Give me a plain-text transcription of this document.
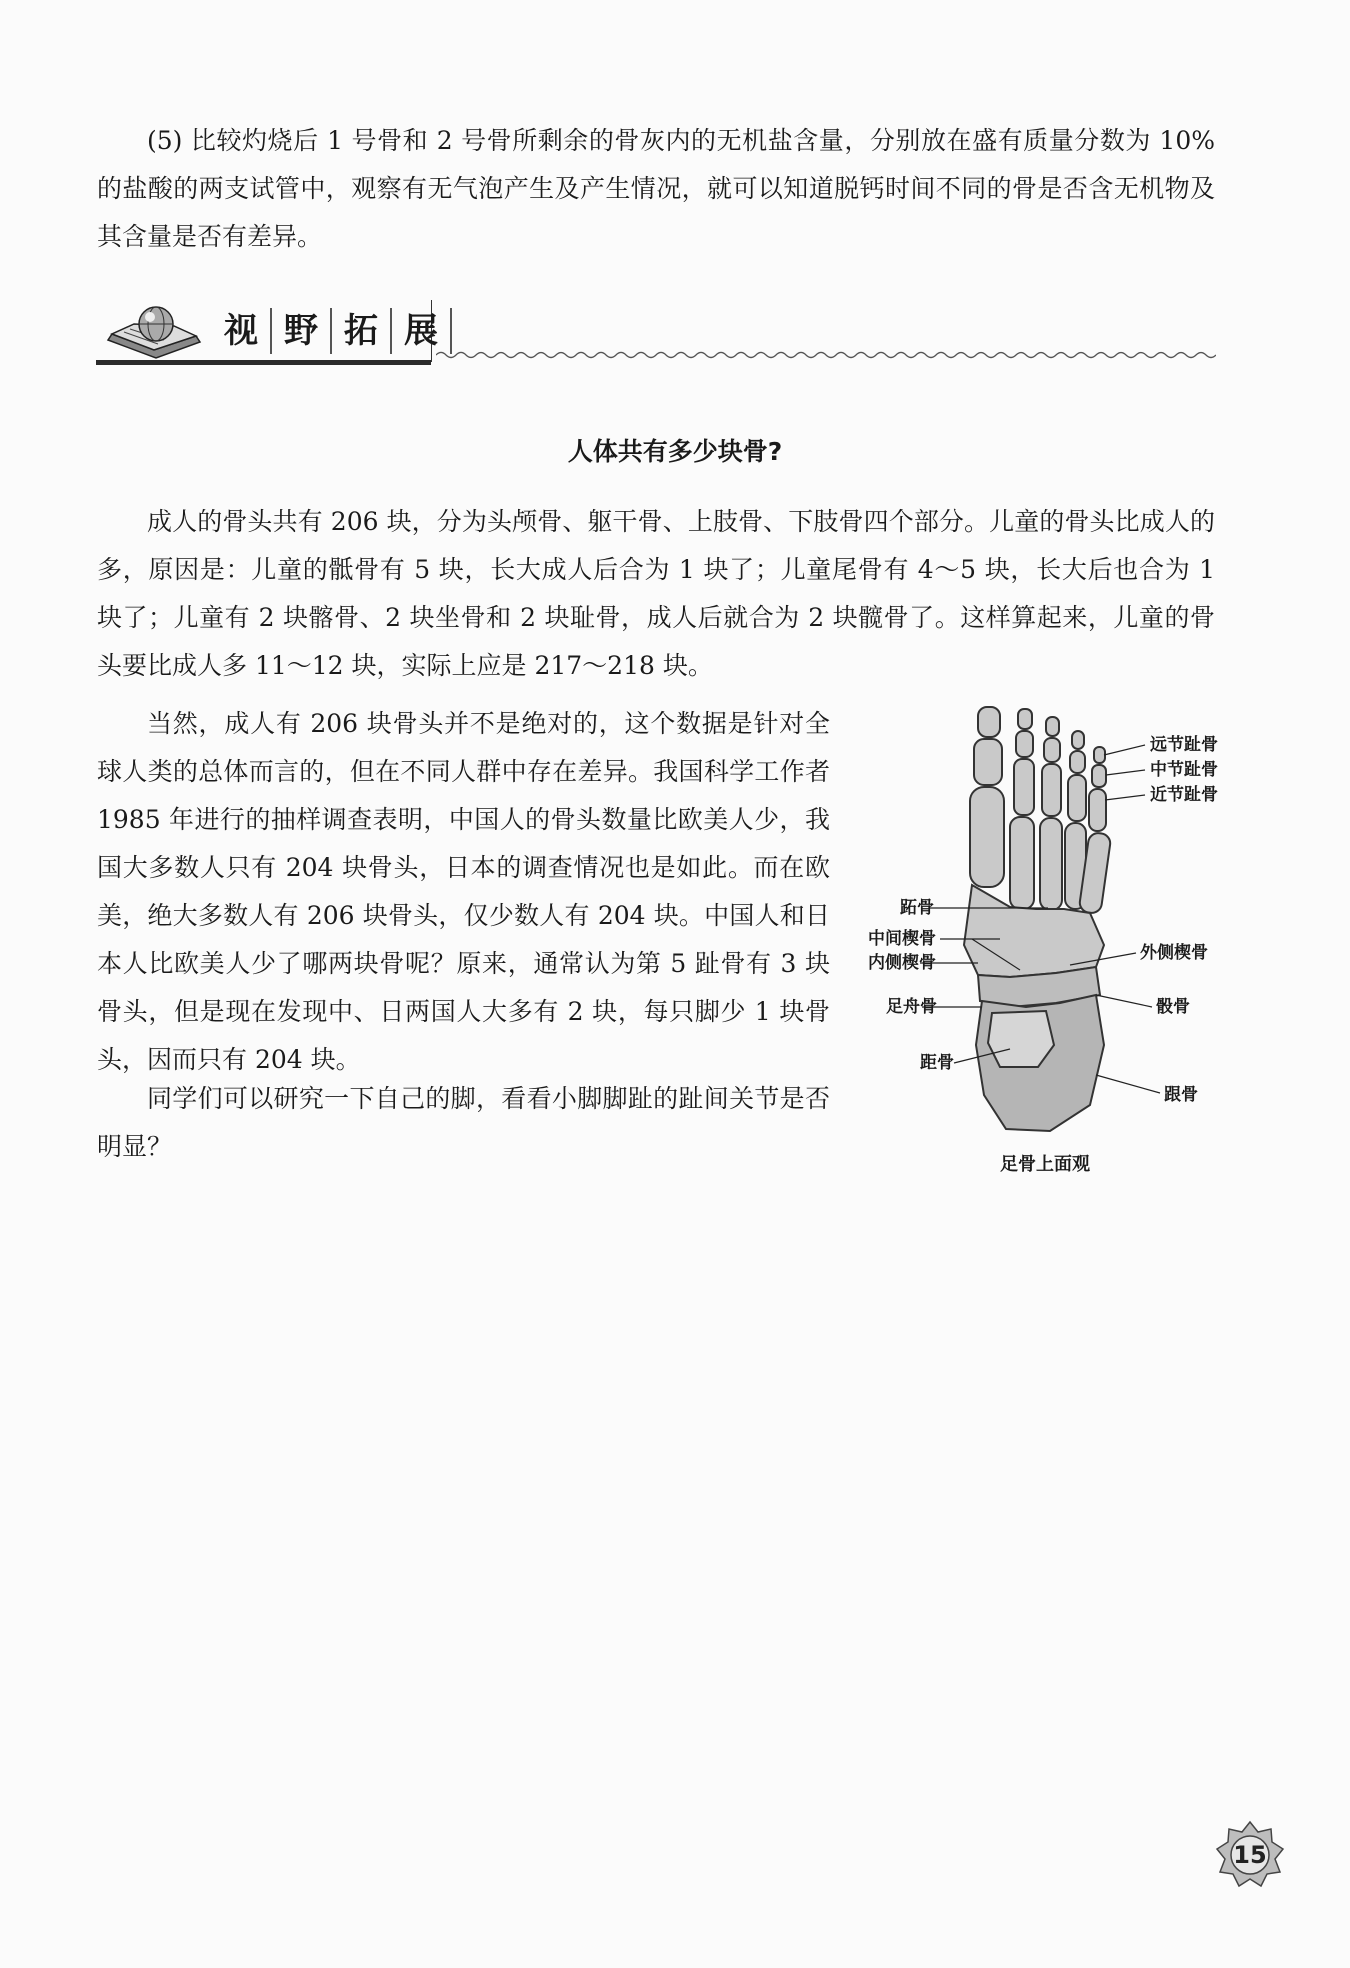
(5) 比较灼烧后 1 号骨和 2 号骨所剩余的骨灰内的无机盐含量，分别放在盛有质量分数为 10%的盐酸的两支试管中，观察有无气泡产生及产生情况，就可以知道脱钙时间不同的骨是否含无机物及其含量是否有差异。

视 野 拓 展
人体共有多少块骨?

成人的骨头共有 206 块，分为头颅骨、躯干骨、上肢骨、下肢骨四个部分。儿童的骨头比成人的多，原因是：儿童的骶骨有 5 块，长大成人后合为 1 块了；儿童尾骨有 4～5 块，长大后也合为 1 块了；儿童有 2 块髂骨、2 块坐骨和 2 块耻骨，成人后就合为 2 块髋骨了。这样算起来，儿童的骨头要比成人多 11～12 块，实际上应是 217～218 块。

当然，成人有 206 块骨头并不是绝对的，这个数据是针对全球人类的总体而言的，但在不同人群中存在差异。我国科学工作者 1985 年进行的抽样调查表明，中国人的骨头数量比欧美人少，我国大多数人只有 204 块骨头，日本的调查情况也是如此。而在欧美，绝大多数人有 206 块骨头，仅少数人有 204 块。中国人和日本人比欧美人少了哪两块骨呢？原来，通常认为第 5 趾骨有 3 块骨头，但是现在发现中、日两国人大多有 2 块，每只脚少 1 块骨头，因而只有 204 块。

同学们可以研究一下自己的脚，看看小脚脚趾的趾间关节是否明显？

远节趾骨
中节趾骨
近节趾骨
跖骨
中间楔骨
内侧楔骨	外侧楔骨
足舟骨	骰骨
距骨
跟骨
足骨上面观
15
